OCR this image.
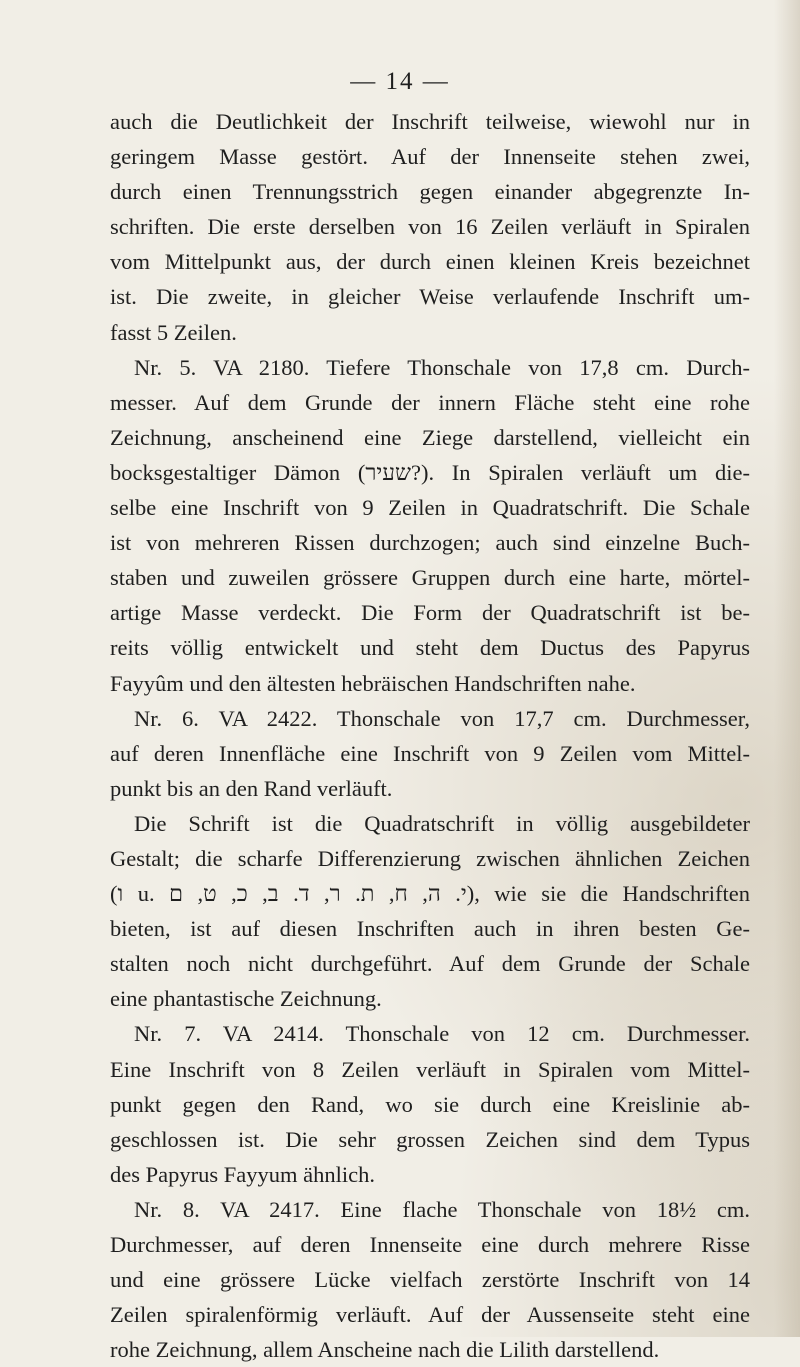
— 14 —
auch die Deutlichkeit der Inschrift teilweise, wiewohl nur in
geringem Masse gestört. Auf der Innenseite stehen zwei,
durch einen Trennungsstrich gegen einander abgegrenzte In-
schriften. Die erste derselben von 16 Zeilen verläuft in Spiralen
vom Mittelpunkt aus, der durch einen kleinen Kreis bezeichnet
ist. Die zweite, in gleicher Weise verlaufende Inschrift um-
fasst 5 Zeilen.
Nr. 5. VA 2180. Tiefere Thonschale von 17,8 cm. Durch-
messer. Auf dem Grunde der innern Fläche steht eine rohe
Zeichnung, anscheinend eine Ziege darstellend, vielleicht ein
bocksgestaltiger Dämon (שעיר?). In Spiralen verläuft um die-
selbe eine Inschrift von 9 Zeilen in Quadratschrift. Die Schale
ist von mehreren Rissen durchzogen; auch sind einzelne Buch-
staben und zuweilen grössere Gruppen durch eine harte, mörtel-
artige Masse verdeckt. Die Form der Quadratschrift ist be-
reits völlig entwickelt und steht dem Ductus des Papyrus
Fayyûm und den ältesten hebräischen Handschriften nahe.
Nr. 6. VA 2422. Thonschale von 17,7 cm. Durchmesser,
auf deren Innenfläche eine Inschrift von 9 Zeilen vom Mittel-
punkt bis an den Rand verläuft.
Die Schrift ist die Quadratschrift in völlig ausgebildeter
Gestalt; die scharfe Differenzierung zwischen ähnlichen Zeichen
(ו u. י. ה, ח, ת. ר, ד. ב, כ, ט, ם), wie sie die Handschriften
bieten, ist auf diesen Inschriften auch in ihren besten Ge-
stalten noch nicht durchgeführt. Auf dem Grunde der Schale
eine phantastische Zeichnung.
Nr. 7. VA 2414. Thonschale von 12 cm. Durchmesser.
Eine Inschrift von 8 Zeilen verläuft in Spiralen vom Mittel-
punkt gegen den Rand, wo sie durch eine Kreislinie ab-
geschlossen ist. Die sehr grossen Zeichen sind dem Typus
des Papyrus Fayyum ähnlich.
Nr. 8. VA 2417. Eine flache Thonschale von 18½ cm.
Durchmesser, auf deren Innenseite eine durch mehrere Risse
und eine grössere Lücke vielfach zerstörte Inschrift von 14
Zeilen spiralenförmig verläuft. Auf der Aussenseite steht eine
rohe Zeichnung, allem Anscheine nach die Lilith darstellend.
